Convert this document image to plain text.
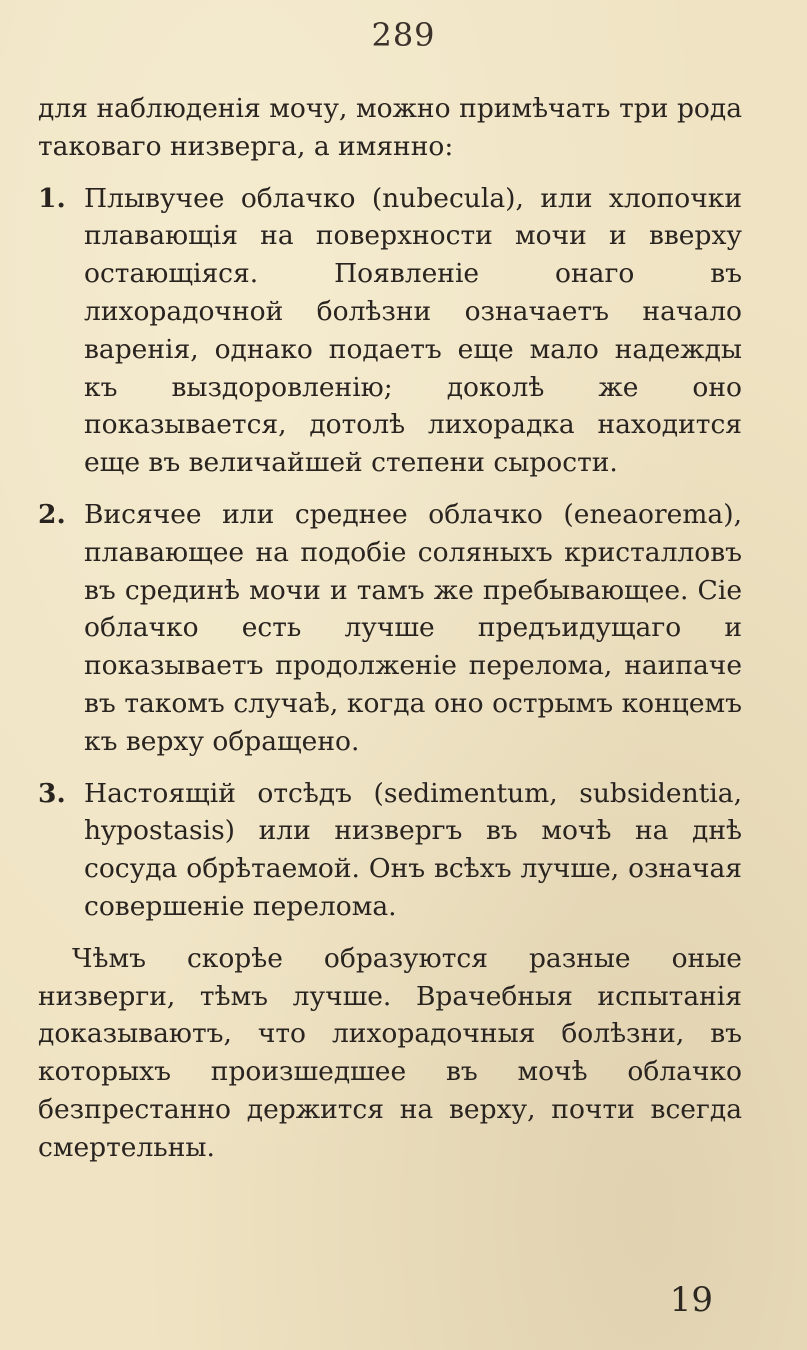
289

для наблюденія мочу, можно примѣчать три рода таковаго низверга, а имянно:

1. Плывучее облачко (nubecula), или хлопочки плавающія на поверхности мочи и вверху остающіяся. Появленіе онаго въ лихорадочной болѣзни означаетъ начало варенія, однако подаетъ еще мало надежды къ выздоровленію; доколѣ же оно показывается, дотолѣ лихорадка находится еще въ величайшей степени сырости.
2. Висячее или среднее облачко (eneaorema), плавающее на подобіе соляныхъ кристалловъ въ срединѣ мочи и тамъ же пребывающее. Сіе облачко есть лучше предъидущаго и показываетъ продолженіе перелома, наипаче въ такомъ случаѣ, когда оно острымъ концемъ къ верху обращено.
3. Настоящій отсѣдъ (sedimentum, subsidentia, hypostasis) или низвергъ въ мочѣ на днѣ сосуда обрѣтаемой. Онъ всѣхъ лучше, означая совершеніе перелома.

Чѣмъ скорѣе образуются разные оные низверги, тѣмъ лучше. Врачебныя испытанія доказываютъ, что лихорадочныя болѣзни, въ которыхъ произшедшее въ мочѣ облачко безпрестанно держится на верху, почти всегда смертельны.

19
